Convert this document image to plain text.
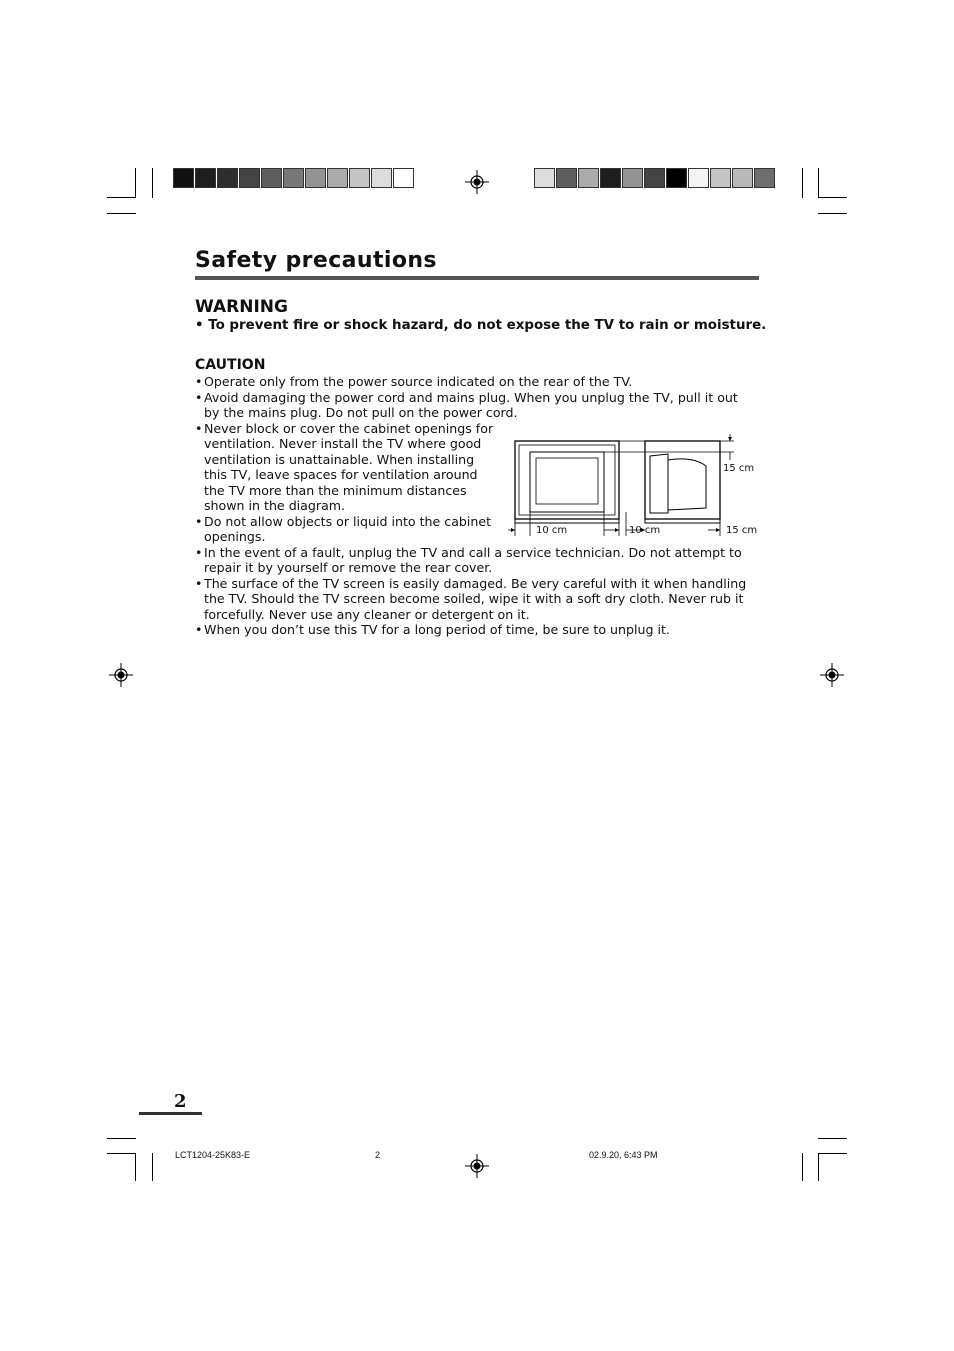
Safety precautions
WARNING
• To prevent fire or shock hazard, do not expose the TV to rain or moisture.
CAUTION
• Operate only from the power source indicated on the rear of the TV.
• Avoid damaging the power cord and mains plug. When you unplug the TV, pull it out by the mains plug. Do not pull on the power cord.
• Never block or cover the cabinet openings for ventilation. Never install the TV where good ventilation is unattainable. When installing this TV, leave spaces for ventilation around the TV more than the minimum distances shown in the diagram.
• Do not allow objects or liquid into the cabinet openings.
• In the event of a fault, unplug the TV and call a service technician. Do not attempt to repair it by yourself or remove the rear cover.
• The surface of the TV screen is easily damaged. Be very careful with it when handling the TV. Should the TV screen become soiled, wipe it with a soft dry cloth. Never rub it forcefully. Never use any cleaner or detergent on it.
• When you don’t use this TV for a long period of time, be sure to unplug it.
10 cm
15 cm
10 cm	15 cm
2
LCT1204-25K83-E	2	02.9.20, 6:43 PM
